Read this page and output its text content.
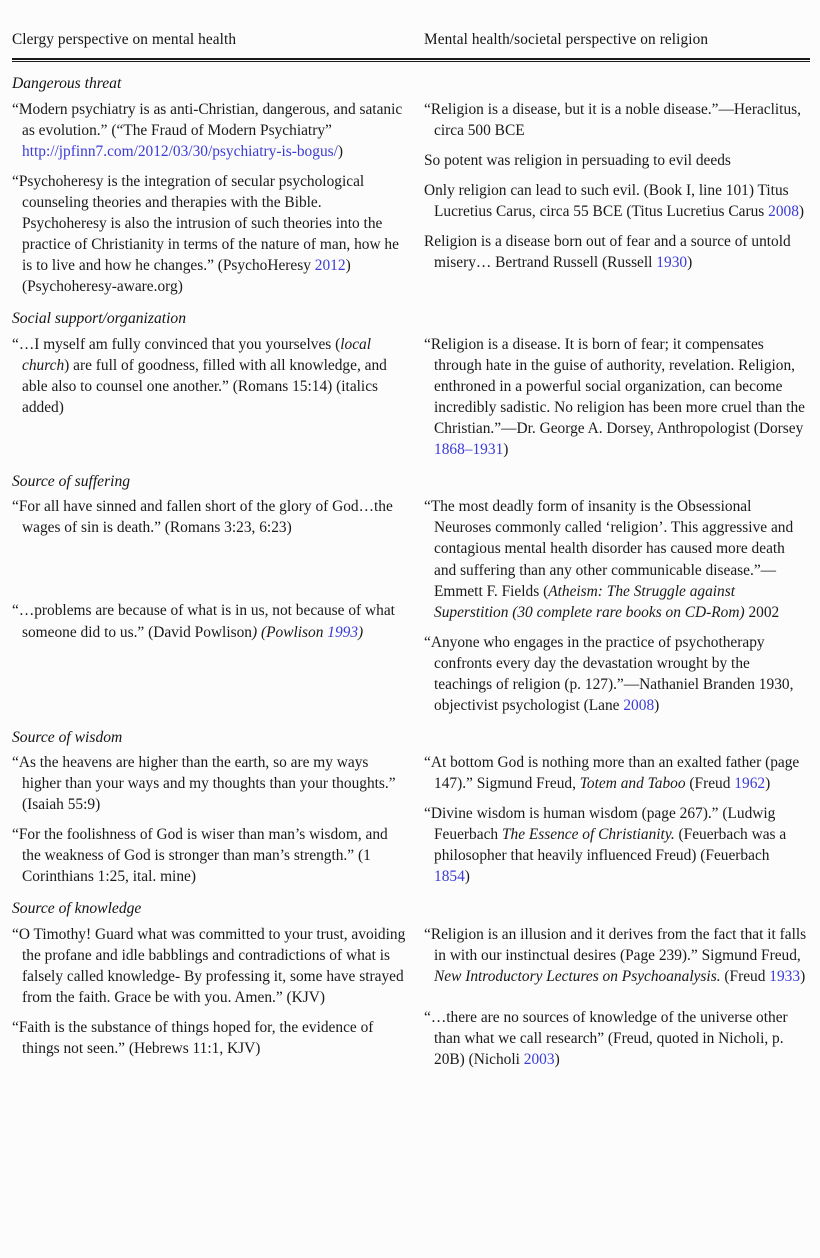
Clergy perspective on mental health	Mental health/societal perspective on religion
Dangerous threat
“Modern psychiatry is as anti-Christian, dangerous, and satanic as evolution.” (“The Fraud of Modern Psychiatry” http://jpfinn7.com/2012/03/30/psychiatry-is-bogus/)
“Psychoheresy is the integration of secular psychological counseling theories and therapies with the Bible. Psychoheresy is also the intrusion of such theories into the practice of Christianity in terms of the nature of man, how he is to live and how he changes.” (PsychoHeresy 2012) (Psychoheresy-aware.org)
“Religion is a disease, but it is a noble disease.”—Heraclitus, circa 500 BCE
So potent was religion in persuading to evil deeds
Only religion can lead to such evil. (Book I, line 101) Titus Lucretius Carus, circa 55 BCE (Titus Lucretius Carus 2008)
Religion is a disease born out of fear and a source of untold misery… Bertrand Russell (Russell 1930)
Social support/organization
“…I myself am fully convinced that you yourselves (local church) are full of goodness, filled with all knowledge, and able also to counsel one another.” (Romans 15:14) (italics added)
“Religion is a disease. It is born of fear; it compensates through hate in the guise of authority, revelation. Religion, enthroned in a powerful social organization, can become incredibly sadistic. No religion has been more cruel than the Christian.”—Dr. George A. Dorsey, Anthropologist (Dorsey 1868–1931)
Source of suffering
“For all have sinned and fallen short of the glory of God…the wages of sin is death.” (Romans 3:23, 6:23)
“…problems are because of what is in us, not because of what someone did to us.” (David Powlison) (Powlison 1993)
“The most deadly form of insanity is the Obsessional Neuroses commonly called ‘religion’. This aggressive and contagious mental health disorder has caused more death and suffering than any other communicable disease.”—Emmett F. Fields (Atheism: The Struggle against Superstition (30 complete rare books on CD-Rom) 2002
“Anyone who engages in the practice of psychotherapy confronts every day the devastation wrought by the teachings of religion (p. 127).”—Nathaniel Branden 1930, objectivist psychologist (Lane 2008)
Source of wisdom
“As the heavens are higher than the earth, so are my ways higher than your ways and my thoughts than your thoughts.” (Isaiah 55:9)
“For the foolishness of God is wiser than man’s wisdom, and the weakness of God is stronger than man’s strength.” (1 Corinthians 1:25, ital. mine)
“At bottom God is nothing more than an exalted father (page 147).” Sigmund Freud, Totem and Taboo (Freud 1962)
“Divine wisdom is human wisdom (page 267).” (Ludwig Feuerbach The Essence of Christianity. (Feuerbach was a philosopher that heavily influenced Freud) (Feuerbach 1854)
Source of knowledge
“O Timothy! Guard what was committed to your trust, avoiding the profane and idle babblings and contradictions of what is falsely called knowledge- By professing it, some have strayed from the faith. Grace be with you. Amen.” (KJV)
“Faith is the substance of things hoped for, the evidence of things not seen.” (Hebrews 11:1, KJV)
“Religion is an illusion and it derives from the fact that it falls in with our instinctual desires (Page 239).” Sigmund Freud, New Introductory Lectures on Psychoanalysis. (Freud 1933)
“…there are no sources of knowledge of the universe other than what we call research” (Freud, quoted in Nicholi, p. 20B) (Nicholi 2003)
